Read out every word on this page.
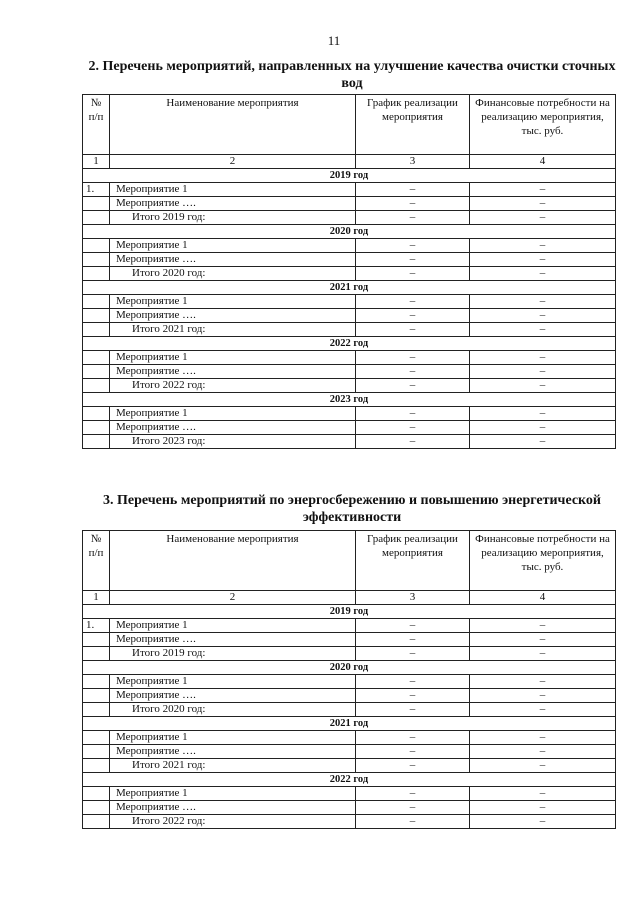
11
2. Перечень мероприятий, направленных на улучшение качества очистки сточных вод
№ п/п	Наименование мероприятия	График реализации мероприятия	Финансовые потребности на реализацию мероприятия, тыс. руб.
1	2	3	4
2019 год			
1.	Мероприятие 1	–	–
	Мероприятие ….	–	–
	Итого 2019 год:	–	–
2020 год			
	Мероприятие 1	–	–
	Мероприятие ….	–	–
	Итого 2020 год:	–	–
2021 год			
	Мероприятие 1	–	–
	Мероприятие ….	–	–
	Итого 2021 год:	–	–
2022 год			
	Мероприятие 1	–	–
	Мероприятие ….	–	–
	Итого 2022 год:	–	–
2023 год			
	Мероприятие 1	–	–
	Мероприятие ….	–	–
	Итого 2023 год:	–	–
3. Перечень мероприятий по энергосбережению и повышению энергетической эффективности
№ п/п	Наименование мероприятия	График реализации мероприятия	Финансовые потребности на реализацию мероприятия, тыс. руб.
1	2	3	4
2019 год			
1.	Мероприятие 1	–	–
	Мероприятие ….	–	–
	Итого 2019 год:	–	–
2020 год			
	Мероприятие 1	–	–
	Мероприятие ….	–	–
	Итого 2020 год:	–	–
2021 год			
	Мероприятие 1	–	–
	Мероприятие ….	–	–
	Итого 2021 год:	–	–
2022 год			
	Мероприятие 1	–	–
	Мероприятие ….	–	–
	Итого 2022 год:	–	–
